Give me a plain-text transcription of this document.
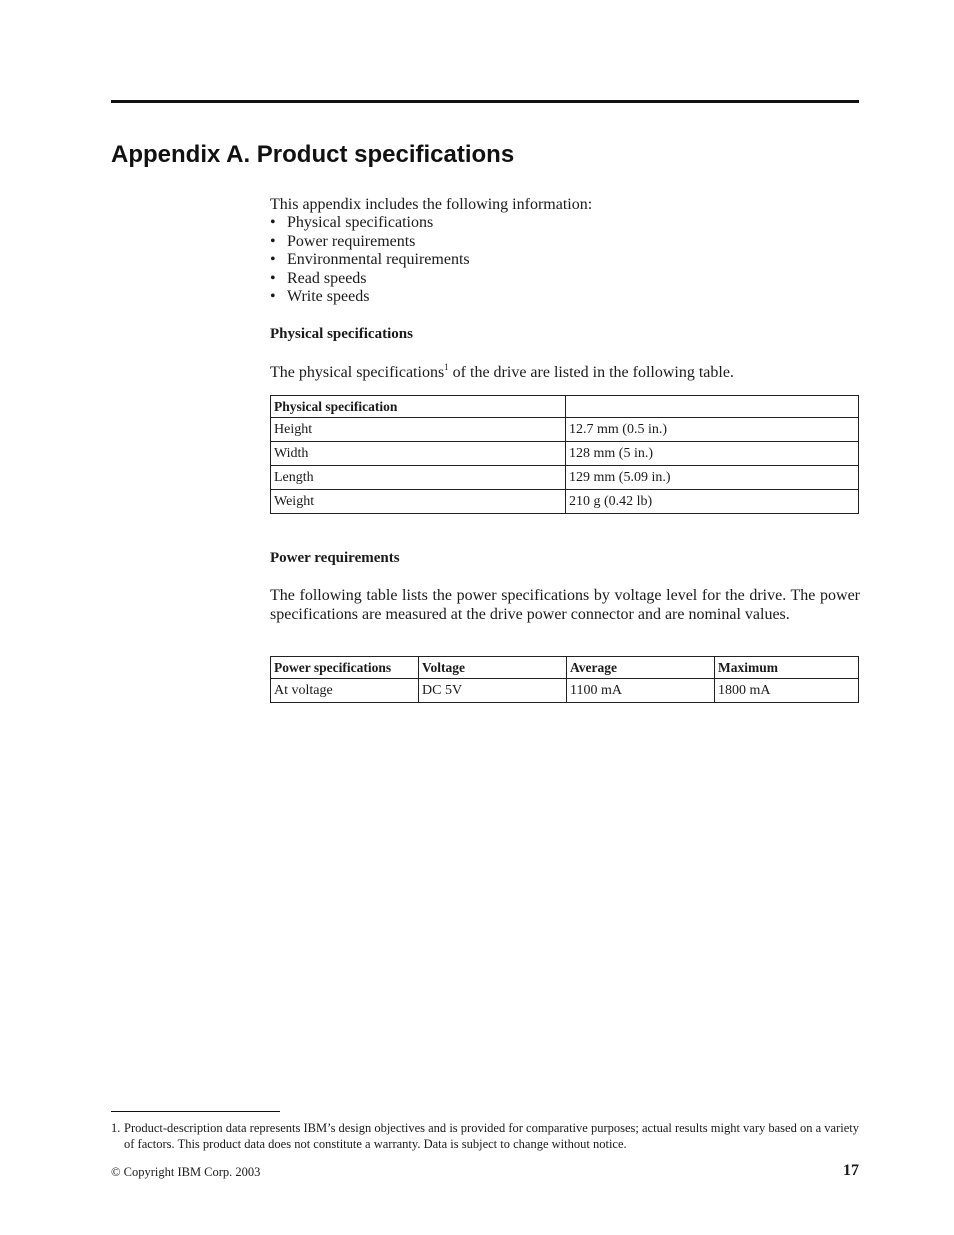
Appendix A. Product specifications
This appendix includes the following information:
• Physical specifications
• Power requirements
• Environmental requirements
• Read speeds
• Write speeds
Physical specifications
The physical specifications$^1$ of the drive are listed in the following table.
Physical specification	
Height	12.7 mm (0.5 in.)
Width	128 mm (5 in.)
Length	129 mm (5.09 in.)
Weight	210 g (0.42 lb)
Power requirements
The following table lists the power specifications by voltage level for the drive. The power specifications are measured at the drive power connector and are nominal values.
Power specifications	Voltage	Average	Maximum
At voltage	DC 5V	1100 mA	1800 mA
1. Product-description data represents IBM’s design objectives and is provided for comparative purposes; actual results might vary based on a variety of factors. This product data does not constitute a warranty. Data is subject to change without notice.
© Copyright IBM Corp. 2003	17
